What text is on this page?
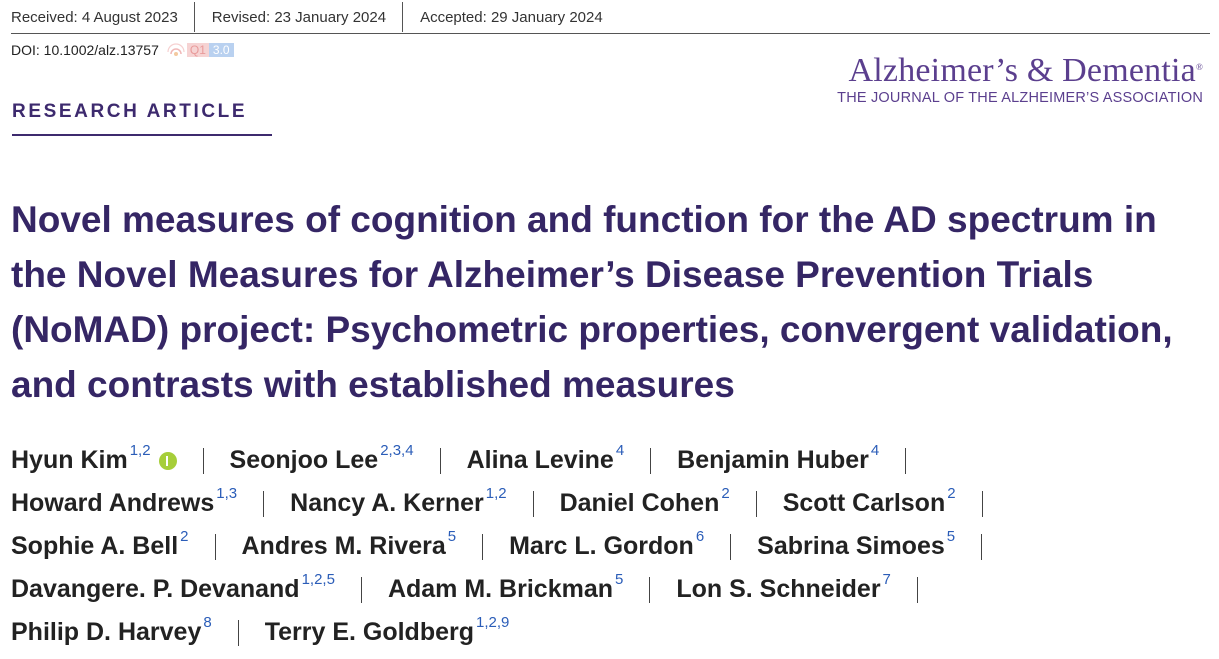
Received: 4 August 2023	Revised: 23 January 2024	Accepted: 29 January 2024
DOI: 10.1002/alz.13757	Q1 3.0
RESEARCH ARTICLE
Alzheimer’s & Dementia®
THE JOURNAL OF THE ALZHEIMER’S ASSOCIATION
Novel measures of cognition and function for the AD spectrum in the Novel Measures for Alzheimer’s Disease Prevention Trials (NoMAD) project: Psychometric properties, convergent validation, and contrasts with established measures
Hyun Kim$^{1,2}$	Seonjoo Lee$^{2,3,4}$ Alina Levine$^4$ Benjamin Huber$^4$
Howard Andrews$^{1,3}$ Nancy A. Kerner$^{1,2}$ Daniel Cohen$^2$ Scott Carlson$^2$
Sophie A. Bell$^2$ Andres M. Rivera$^5$ Marc L. Gordon$^6$ Sabrina Simoes$^5$
Davangere. P. Devanand$^{1,2,5}$ Adam M. Brickman$^5$ Lon S. Schneider$^7$
Philip D. Harvey$^8$ Terry E. Goldberg$^{1,2,9}$
